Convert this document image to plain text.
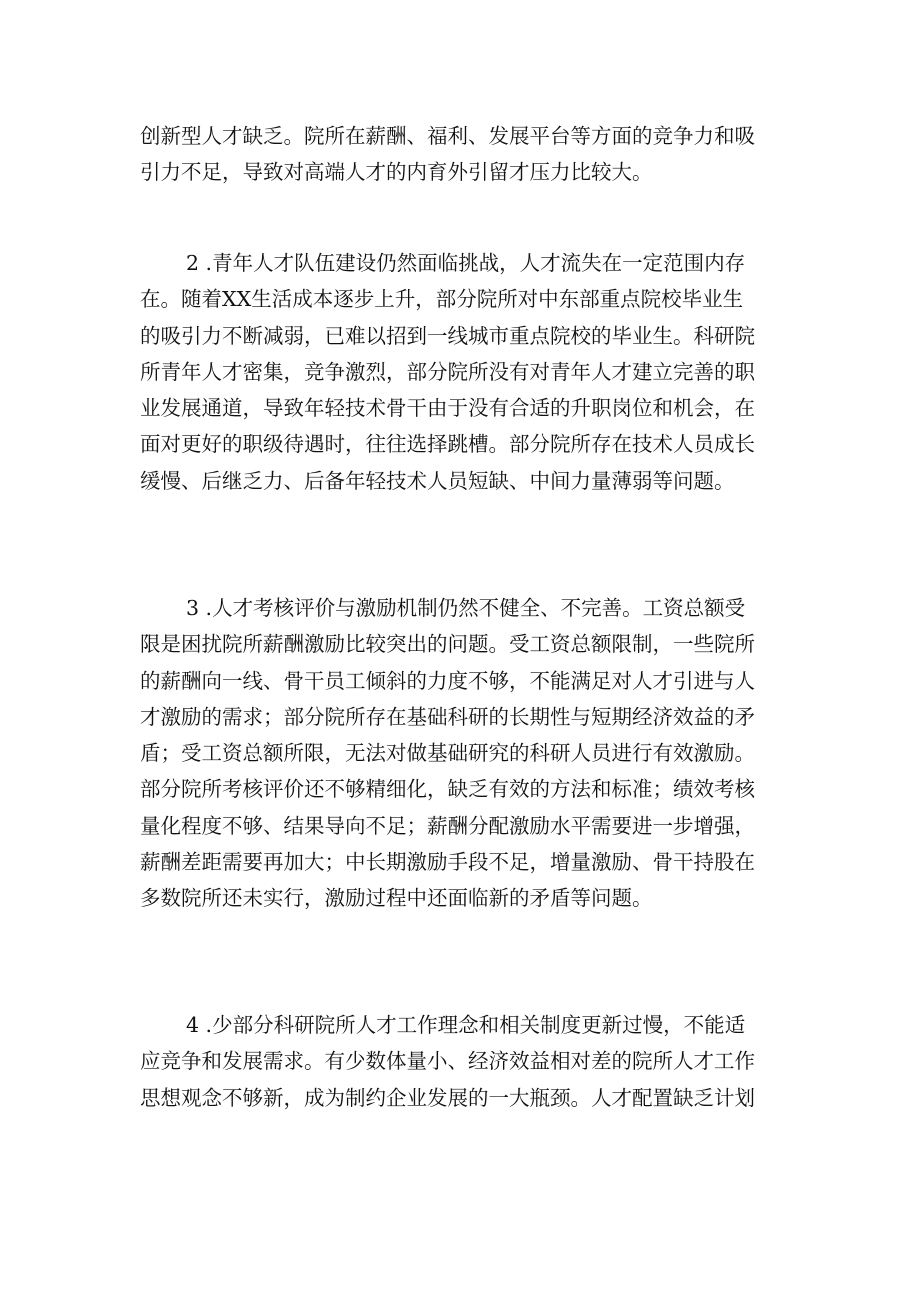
创新型人才缺乏。院所在薪酬、福利、发展平台等方面的竞争力和吸
引力不足，导致对高端人才的内育外引留才压力比较大。
2 .青年人才队伍建设仍然面临挑战，人才流失在一定范围内存
在。随着XX生活成本逐步上升，部分院所对中东部重点院校毕业生
的吸引力不断减弱，已难以招到一线城市重点院校的毕业生。科研院
所青年人才密集，竞争激烈，部分院所没有对青年人才建立完善的职
业发展通道，导致年轻技术骨干由于没有合适的升职岗位和机会，在
面对更好的职级待遇时，往往选择跳槽。部分院所存在技术人员成长
缓慢、后继乏力、后备年轻技术人员短缺、中间力量薄弱等问题。
3 .人才考核评价与激励机制仍然不健全、不完善。工资总额受
限是困扰院所薪酬激励比较突出的问题。受工资总额限制，一些院所
的薪酬向一线、骨干员工倾斜的力度不够，不能满足对人才引进与人
才激励的需求；部分院所存在基础科研的长期性与短期经济效益的矛
盾；受工资总额所限，无法对做基础研究的科研人员进行有效激励。
部分院所考核评价还不够精细化，缺乏有效的方法和标准；绩效考核
量化程度不够、结果导向不足；薪酬分配激励水平需要进一步增强，
薪酬差距需要再加大；中长期激励手段不足，增量激励、骨干持股在
多数院所还未实行，激励过程中还面临新的矛盾等问题。
4 .少部分科研院所人才工作理念和相关制度更新过慢，不能适
应竞争和发展需求。有少数体量小、经济效益相对差的院所人才工作
思想观念不够新，成为制约企业发展的一大瓶颈。人才配置缺乏计划
